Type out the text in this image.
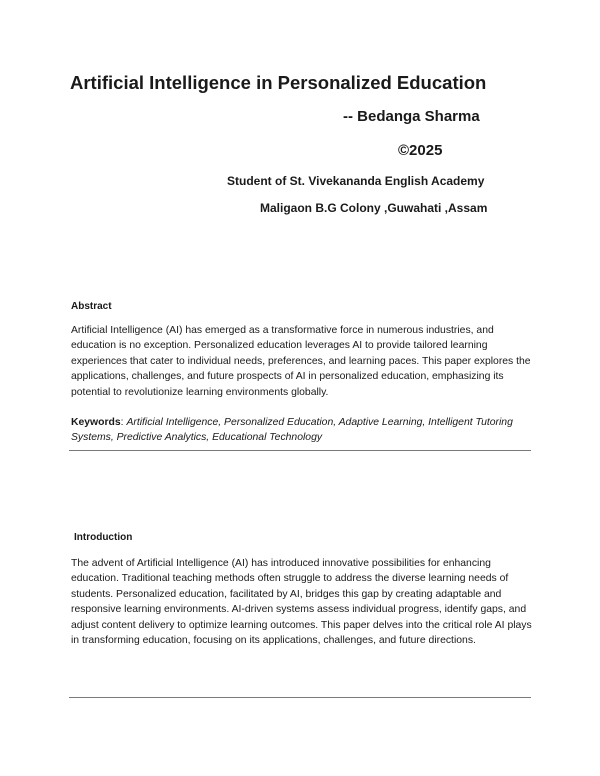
Artificial Intelligence in Personalized Education
-- Bedanga Sharma
©2025
Student of St. Vivekananda English Academy
Maligaon B.G Colony ,Guwahati ,Assam
Abstract

Artificial Intelligence (AI) has emerged as a transformative force in numerous industries, and education is no exception. Personalized education leverages AI to provide tailored learning experiences that cater to individual needs, preferences, and learning paces. This paper explores the applications, challenges, and future prospects of AI in personalized education, emphasizing its potential to revolutionize learning environments globally.

Keywords: Artificial Intelligence, Personalized Education, Adaptive Learning, Intelligent Tutoring Systems, Predictive Analytics, Educational Technology

Introduction

The advent of Artificial Intelligence (AI) has introduced innovative possibilities for enhancing education. Traditional teaching methods often struggle to address the diverse learning needs of students. Personalized education, facilitated by AI, bridges this gap by creating adaptable and responsive learning environments. AI-driven systems assess individual progress, identify gaps, and adjust content delivery to optimize learning outcomes. This paper delves into the critical role AI plays in transforming education, focusing on its applications, challenges, and future directions.
